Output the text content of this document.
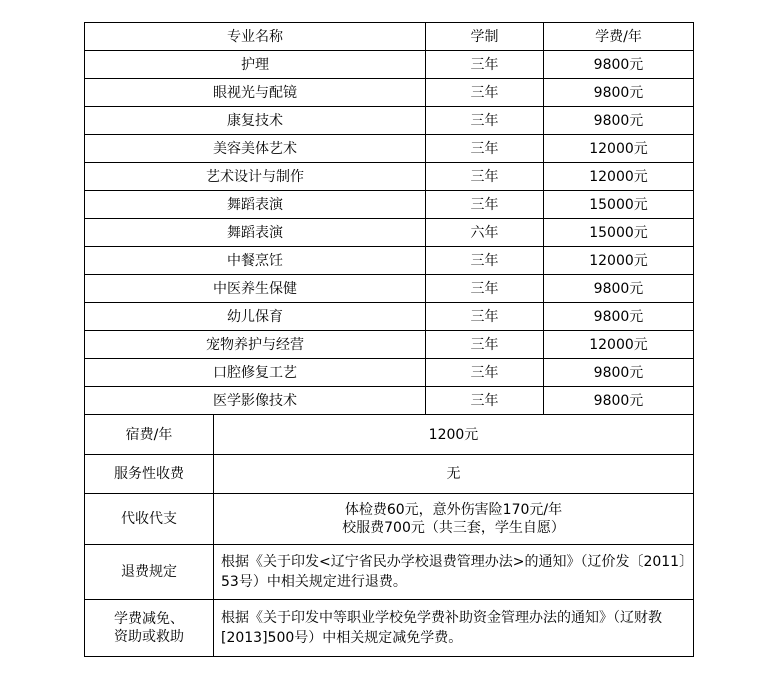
专业名称		学制	学费/年
护理		三年	9800元
眼视光与配镜		三年	9800元
康复技术		三年	9800元
美容美体艺术		三年	12000元
艺术设计与制作		三年	12000元
舞蹈表演		三年	15000元
舞蹈表演		六年	15000元
中餐烹饪		三年	12000元
中医养生保健		三年	9800元
幼儿保育		三年	9800元
宠物养护与经营		三年	12000元
口腔修复工艺		三年	9800元
医学影像技术		三年	9800元
宿费/年	1200元		
服务性收费	无		
代收代支	体检费60元，意外伤害险170元/年
校服费700元（共三套，学生自愿）		

退费规定	根据《关于印发<辽宁省民办学校退费管理办法>的通知》（辽价发〔2011〕53号）中相关规定进行退费。		

学费减免、
资助或救助	根据《关于印发中等职业学校免学费补助资金管理办法的通知》（辽财教[2013]500号）中相关规定减免学费。		
